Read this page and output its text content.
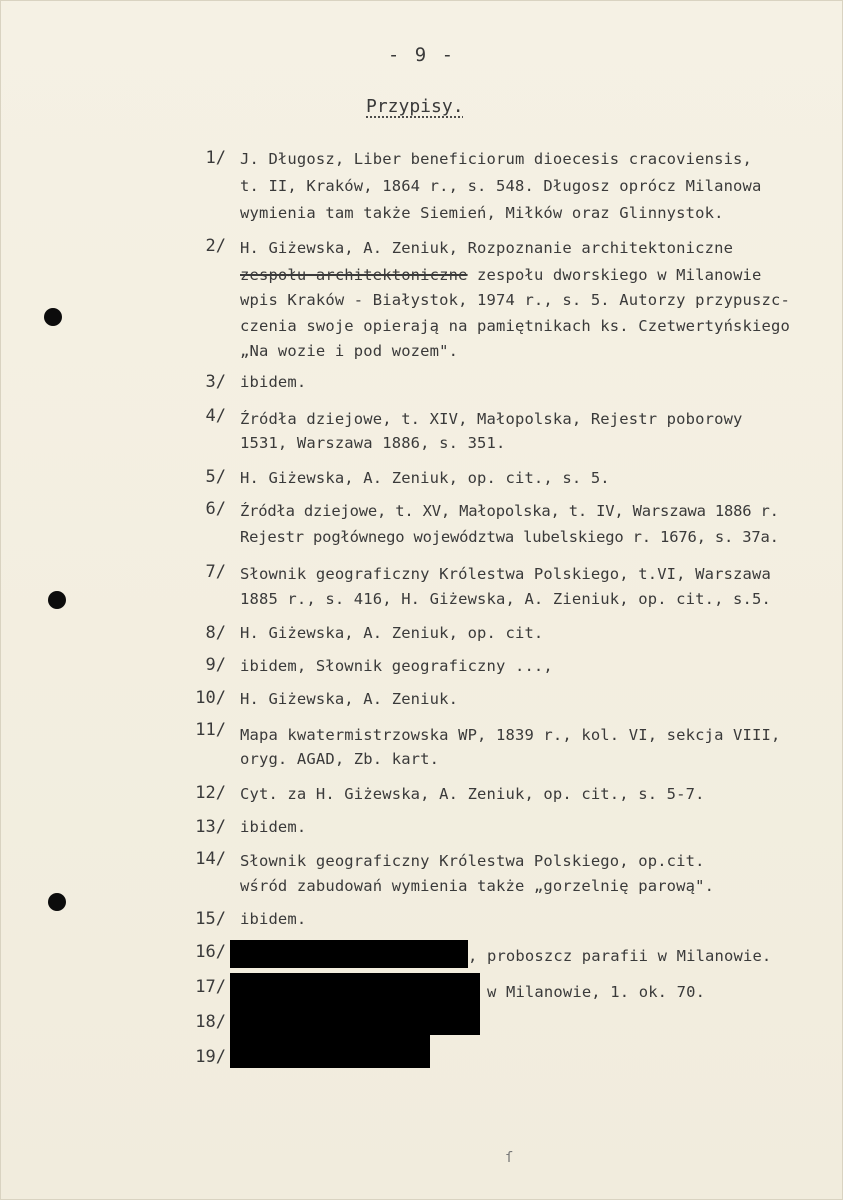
- 9 -
Przypisy.
1/ J. Długosz, Liber beneficiorum dioecesis cracoviensis,
t. II, Kraków, 1864 r., s. 548. Długosz oprócz Milanowa
wymienia tam także Siemień, Miłków oraz Glinnystok.
2/ H. Giżewska, A. Zeniuk, Rozpoznanie architektoniczne
zespołu architektoniczne zespołu dworskiego w Milanowie
wpis Kraków - Białystok, 1974 r., s. 5. Autorzy przypuszc-
czenia swoje opierają na pamiętnikach ks. Czetwertyńskiego
„Na wozie i pod wozem".
3/ ibidem.
4/ Źródła dziejowe, t. XIV, Małopolska, Rejestr poborowy
1531, Warszawa 1886, s. 351.
5/ H. Giżewska, A. Zeniuk, op. cit., s. 5.
6/ Źródła dziejowe, t. XV, Małopolska, t. IV, Warszawa 1886 r.
Rejestr pogłównego województwa lubelskiego r. 1676, s. 37a.
7/ Słownik geograficzny Królestwa Polskiego, t.VI, Warszawa
1885 r., s. 416, H. Giżewska, A. Zieniuk, op. cit., s.5.
8/ H. Giżewska, A. Zeniuk, op. cit.
9/ ibidem, Słownik geograficzny ...,
10/ H. Giżewska, A. Zeniuk.
11/ Mapa kwatermistrzowska WP, 1839 r., kol. VI, sekcja VIII,
oryg. AGAD, Zb. kart.
12/ Cyt. za H. Giżewska, A. Zeniuk, op. cit., s. 5-7.
13/ ibidem.
14/ Słownik geograficzny Królestwa Polskiego, op.cit.
wśród zabudowań wymienia także „gorzelnię parową".
15/ ibidem.
16/	, proboszcz parafii w Milanowie.
17/	w Milanowie, 1. ok. 70.
18/
19/
ſ
